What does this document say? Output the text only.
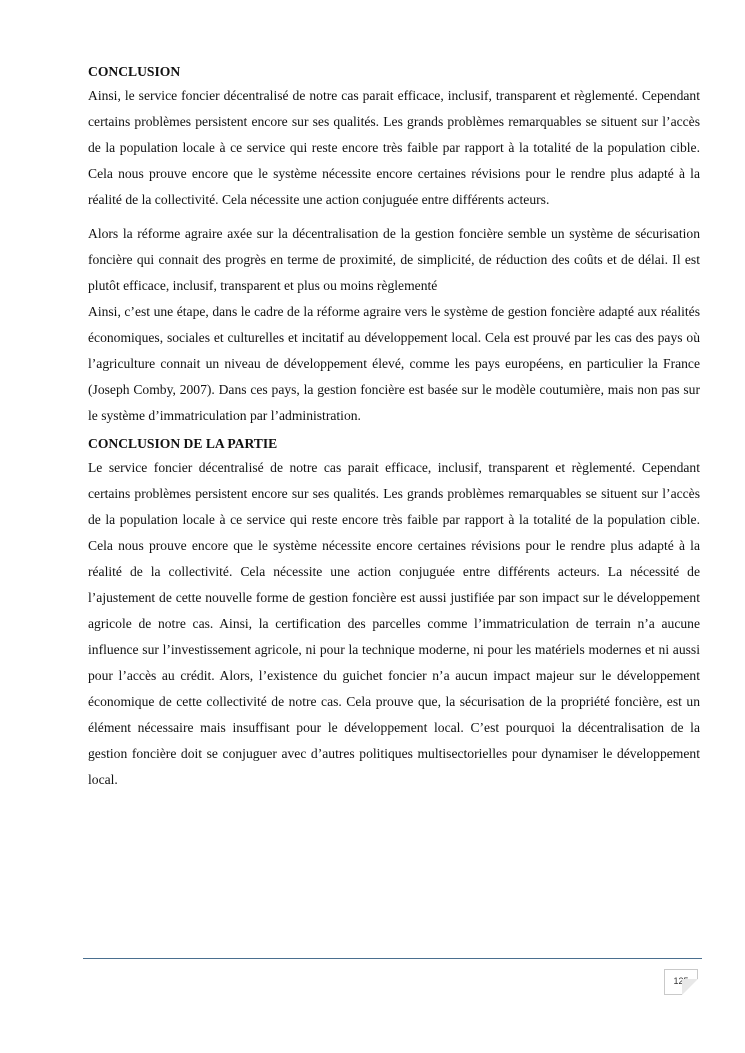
CONCLUSION

Ainsi, le service foncier décentralisé de notre cas parait efficace, inclusif, transparent et règlementé. Cependant certains problèmes persistent encore sur ses qualités. Les grands problèmes remarquables se situent sur l’accès de la population locale à ce service qui reste encore très faible par rapport à la totalité de la population cible. Cela nous prouve encore que le système nécessite encore certaines révisions pour le rendre plus adapté à la réalité de la collectivité. Cela nécessite une action conjuguée entre différents acteurs.

Alors la réforme agraire axée sur la décentralisation de la gestion foncière semble un système de sécurisation foncière qui connait des progrès en terme de proximité, de simplicité, de réduction des coûts et de délai. Il est plutôt efficace, inclusif, transparent et plus ou moins règlementé

Ainsi, c’est une étape, dans le cadre de la réforme agraire vers le système de gestion foncière adapté aux réalités économiques, sociales et culturelles et incitatif au développement local. Cela est prouvé par les cas des pays où l’agriculture connait un niveau de développement élevé, comme les pays européens, en particulier la France (Joseph Comby, 2007). Dans ces pays, la gestion foncière est basée sur le modèle coutumière, mais non pas sur le système d’immatriculation par l’administration.

CONCLUSION DE LA PARTIE

Le service foncier décentralisé de notre cas parait efficace, inclusif, transparent et règlementé. Cependant certains problèmes persistent encore sur ses qualités. Les grands problèmes remarquables se situent sur l’accès de la population locale à ce service qui reste encore très faible par rapport à la totalité de la population cible. Cela nous prouve encore que le système nécessite encore certaines révisions pour le rendre plus adapté à la réalité de la collectivité. Cela nécessite une action conjuguée entre différents acteurs. La nécessité de l’ajustement de cette nouvelle forme de gestion foncière est aussi justifiée par son impact sur le développement agricole de notre cas. Ainsi, la certification des parcelles comme l’immatriculation de terrain n’a aucune influence sur l’investissement agricole, ni pour la technique moderne, ni pour les matériels modernes et ni aussi pour l’accès au crédit. Alors, l’existence du guichet foncier n’a aucun impact majeur sur le développement économique de cette collectivité de notre cas. Cela prouve que, la sécurisation de la propriété foncière, est un élément nécessaire mais insuffisant pour le développement local. C’est pourquoi la décentralisation de la gestion foncière doit se conjuguer avec d’autres politiques multisectorielles pour dynamiser le développement local.

125
